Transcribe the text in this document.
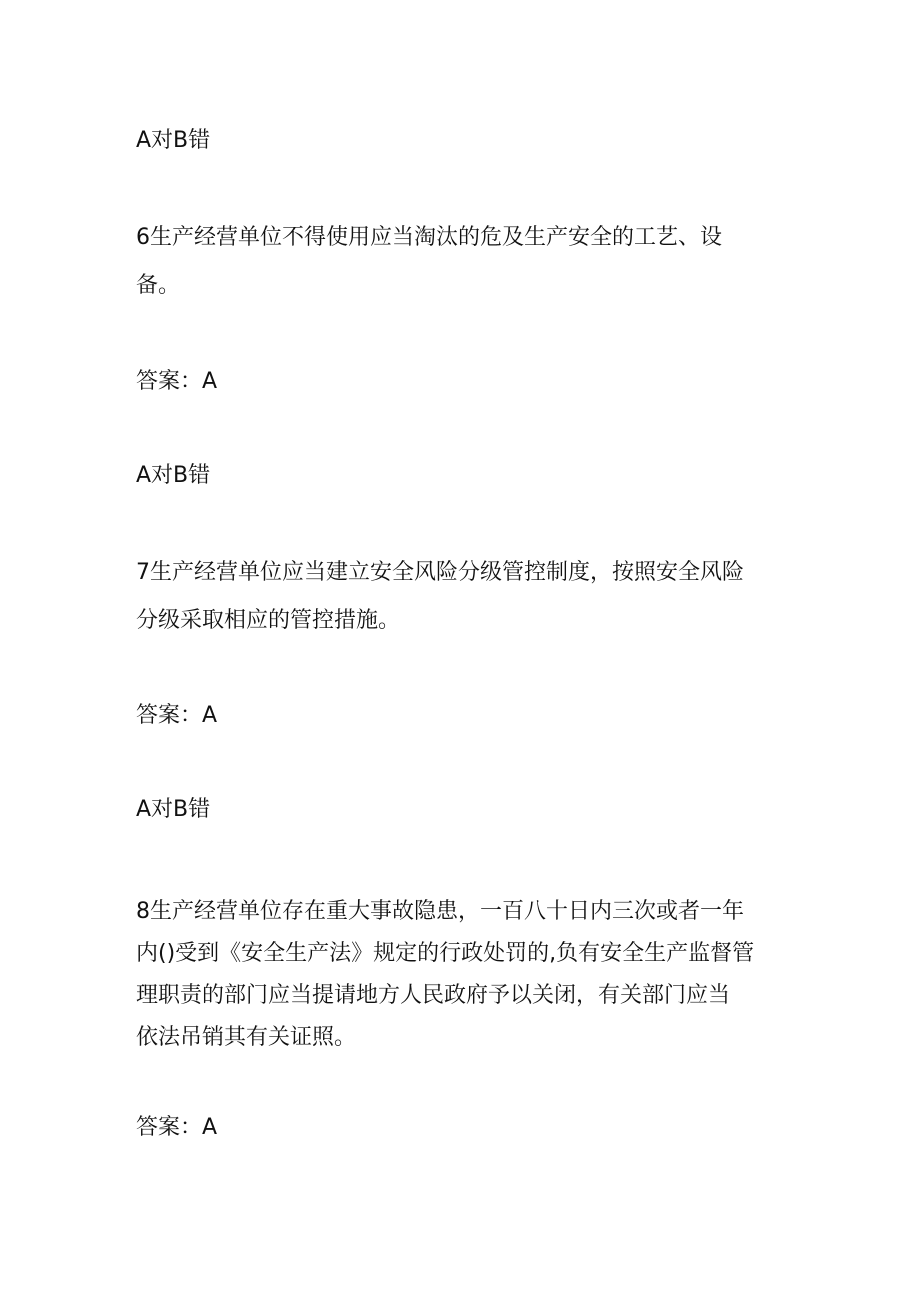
A对B错

6生产经营单位不得使用应当淘汰的危及生产安全的工艺、设

备。

答案：A

A对B错

7生产经营单位应当建立安全风险分级管控制度，按照安全风险

分级采取相应的管控措施。

答案：A

A对B错

8生产经营单位存在重大事故隐患，一百八十日内三次或者一年

内()受到《安全生产法》规定的行政处罚的,负有安全生产监督管

理职责的部门应当提请地方人民政府予以关闭，有关部门应当

依法吊销其有关证照。

答案：A
